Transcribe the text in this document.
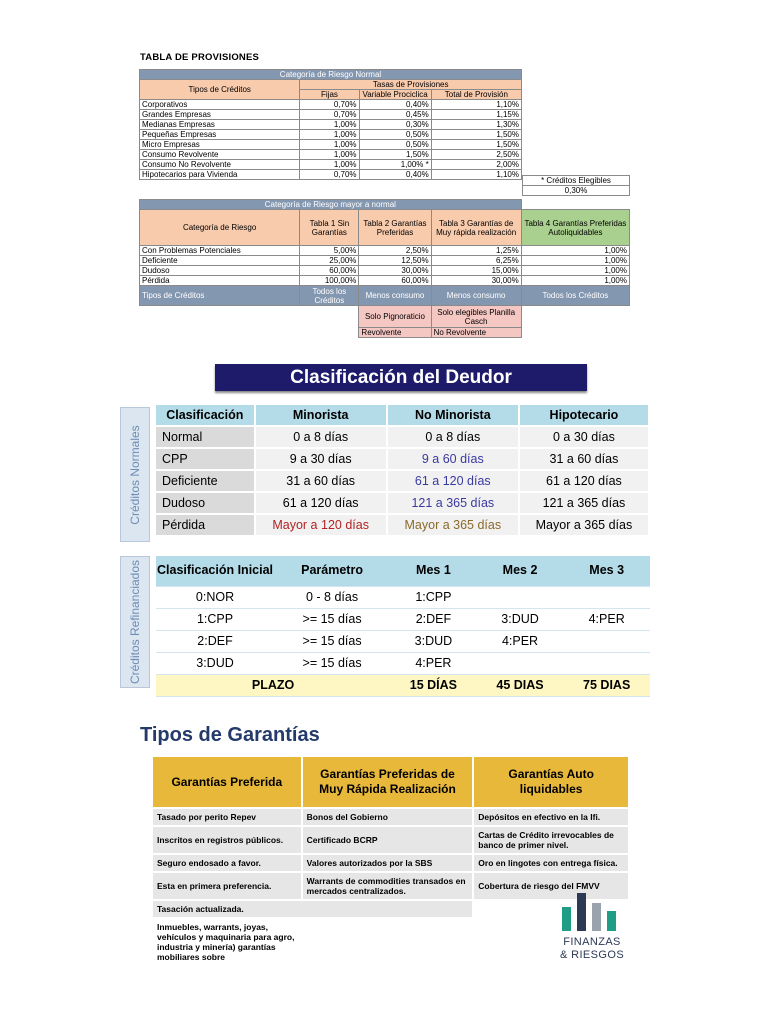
TABLA DE PROVISIONES
Categoría de Riesgo Normal			
Tipos de Créditos	Tasas de Provisiones		
	Fijas	Variable Prociclica	Total de Provisión

Corporativos	0,70%	0,40%	1,10%
Grandes Empresas	0,70%	0,45%	1,15%
Medianas Empresas	1,00%	0,30%	1,30%
Pequeñas Empresas	1,00%	0,50%	1,50%
Micro Empresas	1,00%	0,50%	1,50%
Consumo Revolvente	1,00%	1,50%	2,50%
Consumo No Revolvente	1,00%	1,00% *	2,00%
Hipotecarios para Vivienda	0,70%	0,40%	1,10%
* Créditos Elegibles
0,30%
Categoría de Riesgo mayor a normal				
Categoría de Riesgo	Tabla 1 Sin Garantías	Tabla 2 Garantías Preferidas	Tabla 3 Garantías de Muy rápida realización	Tabla 4 Garantías Preferidas Autoliquidables
Con Problemas Potenciales	5,00%	2,50%	1,25%	1,00%
Deficiente	25,00%	12,50%	6,25%	1,00%
Dudoso	60,00%	30,00%	15,00%	1,00%
Pérdida	100,00%	60,00%	30,00%	1,00%
Tipos de Créditos	Todos los Créditos	Menos consumo	Menos consumo	Todos los Créditos
		Solo Pignoraticio	Solo elegibles Planilla Casch	
		Revolvente	No Revolvente	
Clasificación del Deudor
Créditos Normales
Clasificación	Minorista	No Minorista	Hipotecario
Normal	0 a 8 días	0 a 8 días	0 a 30 días
CPP	9 a 30 días	9 a 60 días	31 a 60 días
Deficiente	31 a 60 días	61 a 120 días	61 a 120 días
Dudoso	61 a 120 días	121 a 365 días	121 a 365 días
Pérdida	Mayor a 120 días	Mayor a 365 días	Mayor a 365 días
Créditos Refinanciados Clasificación Inicial	Parámetro	Mes 1	Mes 2	Mes 3
0:NOR	0 - 8 días	1:CPP		
1:CPP	>= 15 días	2:DEF	3:DUD	4:PER
2:DEF	>= 15 días	3:DUD	4:PER	
3:DUD	>= 15 días	4:PER		
PLAZO		15 DÍAS	45 DIAS	75 DIAS
Tipos de Garantías
Garantías Preferida	Garantías Preferidas de Muy Rápida Realización	Garantías Auto liquidables
Tasado por perito Repev	Bonos del Gobierno	Depósitos en efectivo en la Ifi.
Inscritos en registros públicos.	Certificado BCRP	Cartas de Crédito irrevocables de banco de primer nivel.
Seguro endosado a favor.	Valores autorizados por la SBS	Oro en lingotes con entrega física.
Esta en primera preferencia.	Warrants de commodities transados en mercados centralizados.	Cobertura de riesgo del FMVV
Tasación actualizada.		
Inmuebles, warrants, joyas, vehículos y maquinaria para agro, industria y minería) garantías mobiliares sobre		
FINANZAS
& RIESGOS
